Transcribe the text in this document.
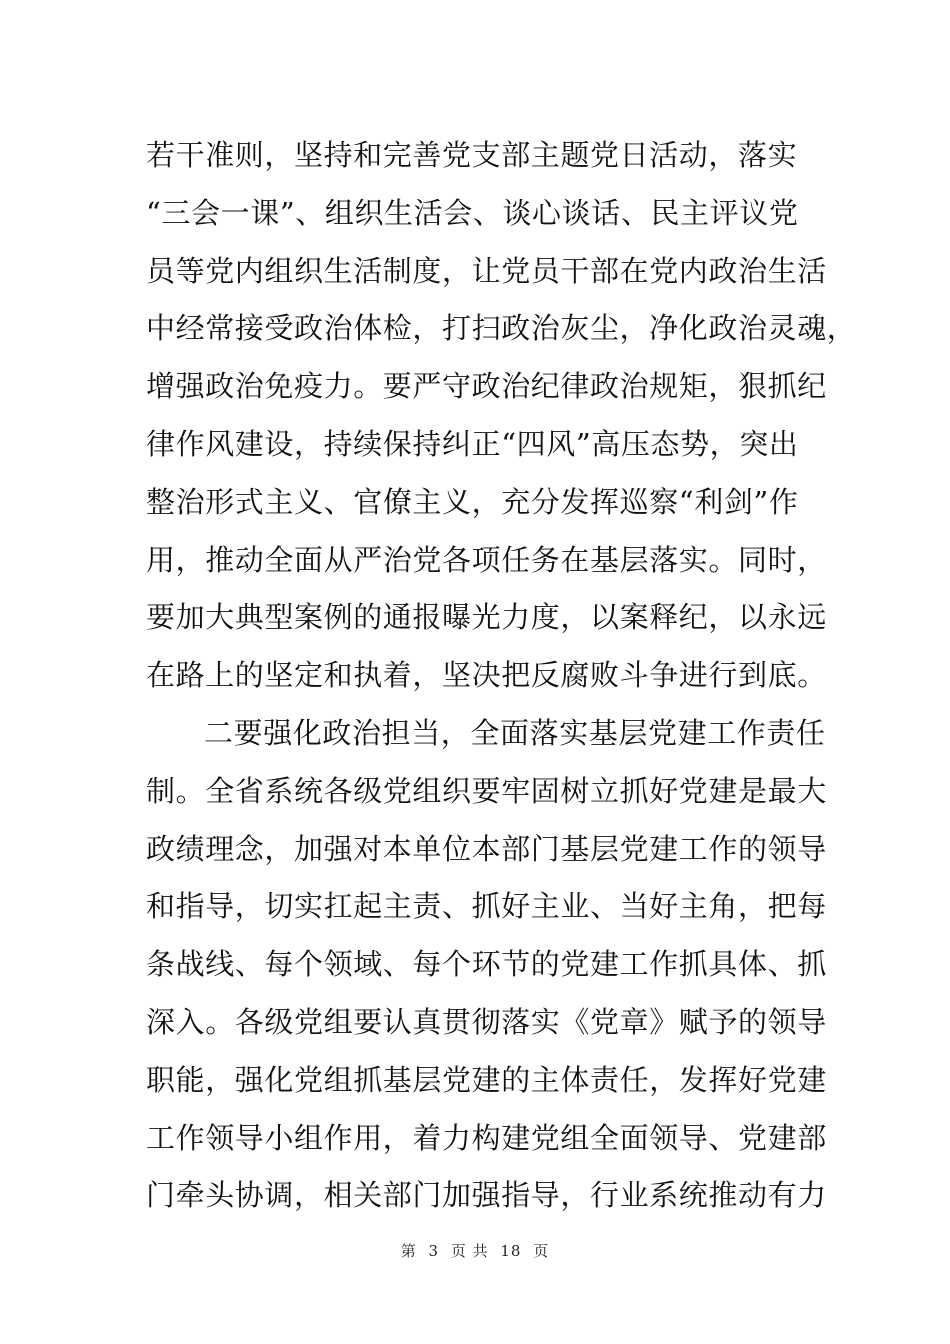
若干准则，坚持和完善党支部主题党日活动，落实
“三会一课”、组织生活会、谈心谈话、民主评议党
员等党内组织生活制度，让党员干部在党内政治生活
中经常接受政治体检，打扫政治灰尘，净化政治灵魂，
增强政治免疫力。要严守政治纪律政治规矩，狠抓纪
律作风建设，持续保持纠正“四风”高压态势，突出
整治形式主义、官僚主义，充分发挥巡察“利剑”作
用，推动全面从严治党各项任务在基层落实。同时，
要加大典型案例的通报曝光力度，以案释纪，以永远
在路上的坚定和执着，坚决把反腐败斗争进行到底。
二要强化政治担当，全面落实基层党建工作责任
制。全省系统各级党组织要牢固树立抓好党建是最大
政绩理念，加强对本单位本部门基层党建工作的领导
和指导，切实扛起主责、抓好主业、当好主角，把每
条战线、每个领域、每个环节的党建工作抓具体、抓
深入。各级党组要认真贯彻落实《党章》赋予的领导
职能，强化党组抓基层党建的主体责任，发挥好党建
工作领导小组作用，着力构建党组全面领导、党建部
门牵头协调，相关部门加强指导，行业系统推动有力
第 3 页 共 18 页
